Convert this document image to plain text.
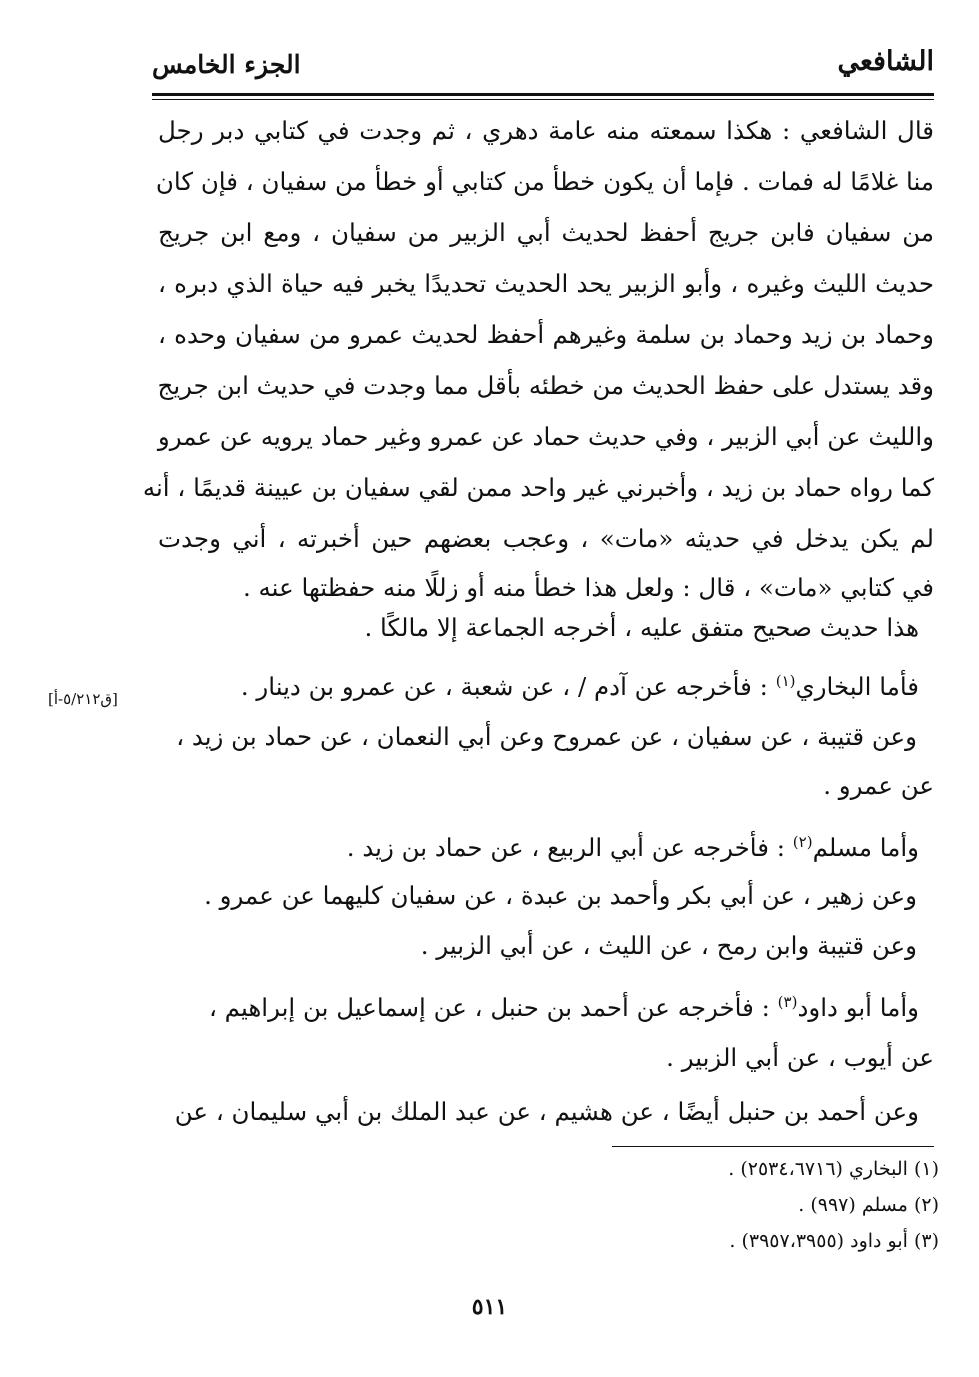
الشافعي
الجزء الخامس
قال الشافعي : هكذا سمعته منه عامة دهري ، ثم وجدت في كتابي دبر رجل
منا غلامًا له فمات . فإما أن يكون خطأ من كتابي أو خطأ من سفيان ، فإن كان
من سفيان فابن جريج أحفظ لحديث أبي الزبير من سفيان ، ومع ابن جريج
حديث الليث وغيره ، وأبو الزبير يحد الحديث تحديدًا يخبر فيه حياة الذي دبره ،
وحماد بن زيد وحماد بن سلمة وغيرهم أحفظ لحديث عمرو من سفيان وحده ،
وقد يستدل على حفظ الحديث من خطئه بأقل مما وجدت في حديث ابن جريج
والليث عن أبي الزبير ، وفي حديث حماد عن عمرو وغير حماد يرويه عن عمرو
كما رواه حماد بن زيد ، وأخبرني غير واحد ممن لقي سفيان بن عيينة قديمًا ، أنه
لم يكن يدخل في حديثه «مات» ، وعجب بعضهم حين أخبرته ، أني وجدت
في كتابي «مات» ، قال : ولعل هذا خطأ منه أو زللًا منه حفظتها عنه .
هذا حديث صحيح متفق عليه ، أخرجه الجماعة إلا مالكًا .
فأما البخاري$^{(١)}$ : فأخرجه عن آدم / ، عن شعبة ، عن عمرو بن دينار .
[ق٥/٢١٢-أ]
وعن قتيبة ، عن سفيان ، عن عمروح وعن أبي النعمان ، عن حماد بن زيد ،
عن عمرو .
وأما مسلم$^{(٢)}$ : فأخرجه عن أبي الربيع ، عن حماد بن زيد .
وعن زهير ، عن أبي بكر وأحمد بن عبدة ، عن سفيان كليهما عن عمرو .
وعن قتيبة وابن رمح ، عن الليث ، عن أبي الزبير .
وأما أبو داود$^{(٣)}$ : فأخرجه عن أحمد بن حنبل ، عن إسماعيل بن إبراهيم ،
عن أيوب ، عن أبي الزبير .
وعن أحمد بن حنبل أيضًا ، عن هشيم ، عن عبد الملك بن أبي سليمان ، عن
(١) البخاري (٢٥٣٤،٦٧١٦) .
(٢) مسلم (٩٩٧) .
(٣) أبو داود (٣٩٥٧،٣٩٥٥) .
٥١١
